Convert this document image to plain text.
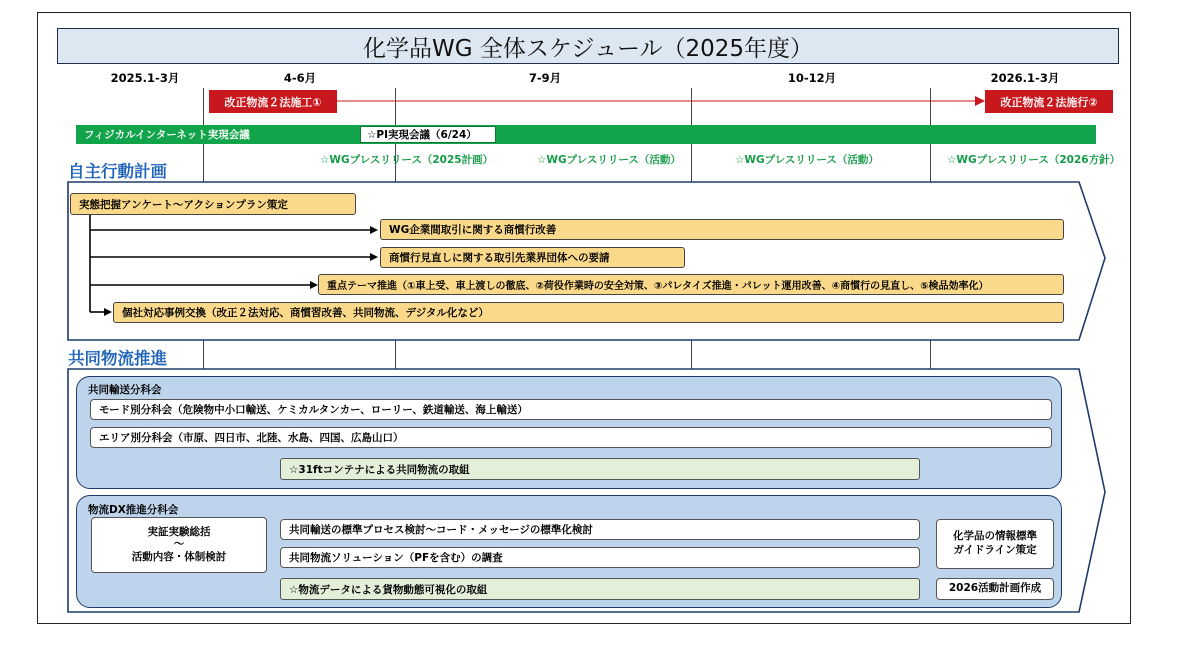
化学品WG 全体スケジュール（2025年度）
2025.1-3月	4-6月	7-9月	10-12月	2026.1-3月
改正物流２法施工①	改正物流２法施行②
フィジカルインターネット実現会議	☆PI実現会議（6/24）
☆WGプレスリリース（2025計画）	☆WGプレスリリース（活動）	☆WGプレスリリース（活動）	☆WGプレスリリース（2026方針）
自主行動計画
実態把握アンケート～アクションプラン策定
WG企業間取引に関する商慣行改善
商慣行見直しに関する取引先業界団体への要請
重点テーマ推進（①車上受、車上渡しの徹底、②荷役作業時の安全対策、③パレタイズ推進・パレット運用改善、④商慣行の見直し、⑤検品効率化）
個社対応事例交換（改正２法対応、商慣習改善、共同物流、デジタル化など）
共同物流推進
共同輸送分科会
モード別分科会（危険物中小口輸送、ケミカルタンカー、ローリー、鉄道輸送、海上輸送）
エリア別分科会（市原、四日市、北陸、水島、四国、広島山口）
☆31ftコンテナによる共同物流の取組
物流DX推進分科会
実証実験総括
～
活動内容・体制検討
共同輸送の標準プロセス検討～コード・メッセージの標準化検討
共同物流ソリューション（PFを含む）の調査
☆物流データによる貨物動態可視化の取組
化学品の情報標準
ガイドライン策定
2026活動計画作成
